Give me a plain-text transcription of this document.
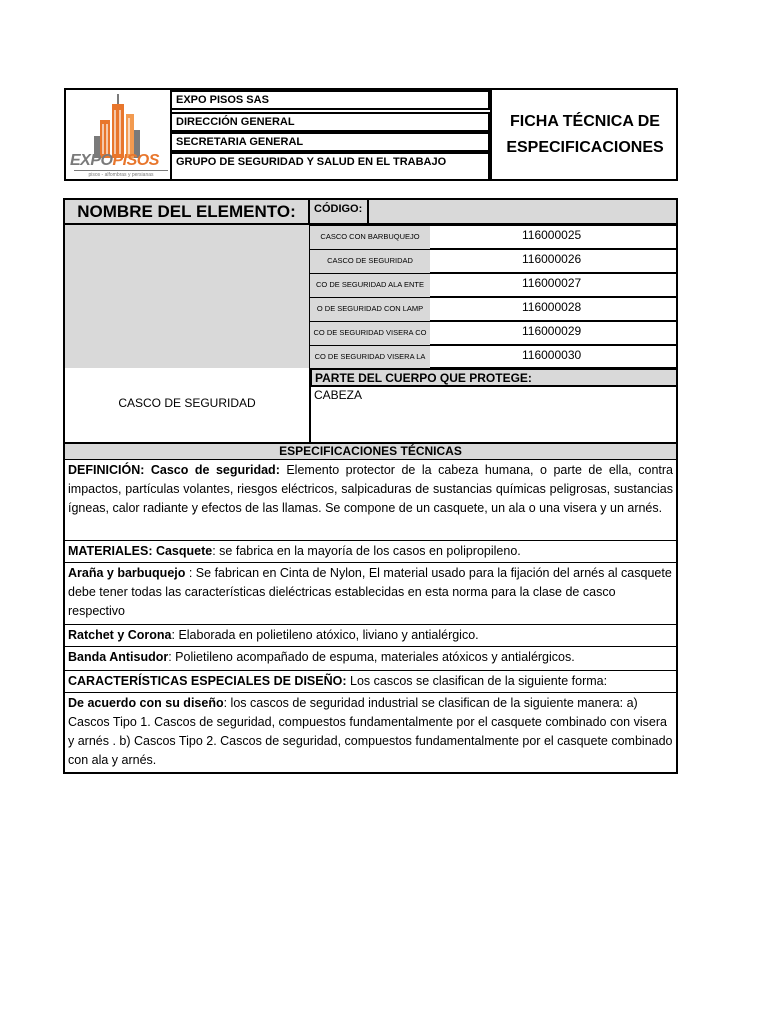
EXPOPISOS
pisos - alfombras y persianas
EXPO PISOS SAS
DIRECCIÓN GENERAL
SECRETARIA GENERAL
GRUPO DE SEGURIDAD Y SALUD EN EL TRABAJO
FICHA TÉCNICA DE
ESPECIFICACIONES
NOMBRE DEL ELEMENTO:	CÓDIGO:
CASCO CON BARBUQUEJO	116000025
CASCO DE SEGURIDAD	116000026
CO DE SEGURIDAD ALA ENTE	116000027
O DE SEGURIDAD CON LAMP	116000028
CO DE SEGURIDAD VISERA CO	116000029
CO DE SEGURIDAD VISERA LA	116000030
CASCO DE SEGURIDAD
PARTE DEL CUERPO QUE PROTEGE:
CABEZA
ESPECIFICACIONES TÉCNICAS
DEFINICIÓN: Casco de seguridad: Elemento protector de la cabeza humana, o parte de ella, contra impactos, partículas volantes, riesgos eléctricos, salpicaduras de sustancias químicas peligrosas, sustancias ígneas, calor radiante y efectos de las llamas. Se compone de un casquete, un ala o una visera y un arnés.
MATERIALES: Casquete: se fabrica en la mayoría de los casos en polipropileno.
Araña y barbuquejo : Se fabrican en Cinta de Nylon, El material usado para la fijación del arnés al casquete debe tener todas las características dieléctricas establecidas en esta norma para la clase de casco respectivo
Ratchet y Corona: Elaborada en polietileno atóxico, liviano y antialérgico.
Banda Antisudor: Polietileno acompañado de espuma, materiales atóxicos y antialérgicos.
CARACTERÍSTICAS ESPECIALES DE DISEÑO: Los cascos se clasifican de la siguiente forma:
De acuerdo con su diseño: los cascos de seguridad industrial se clasifican de la siguiente manera: a) Cascos Tipo 1. Cascos de seguridad, compuestos fundamentalmente por el casquete combinado con visera y arnés . b) Cascos Tipo 2. Cascos de seguridad, compuestos fundamentalmente por el casquete combinado con ala y arnés.
